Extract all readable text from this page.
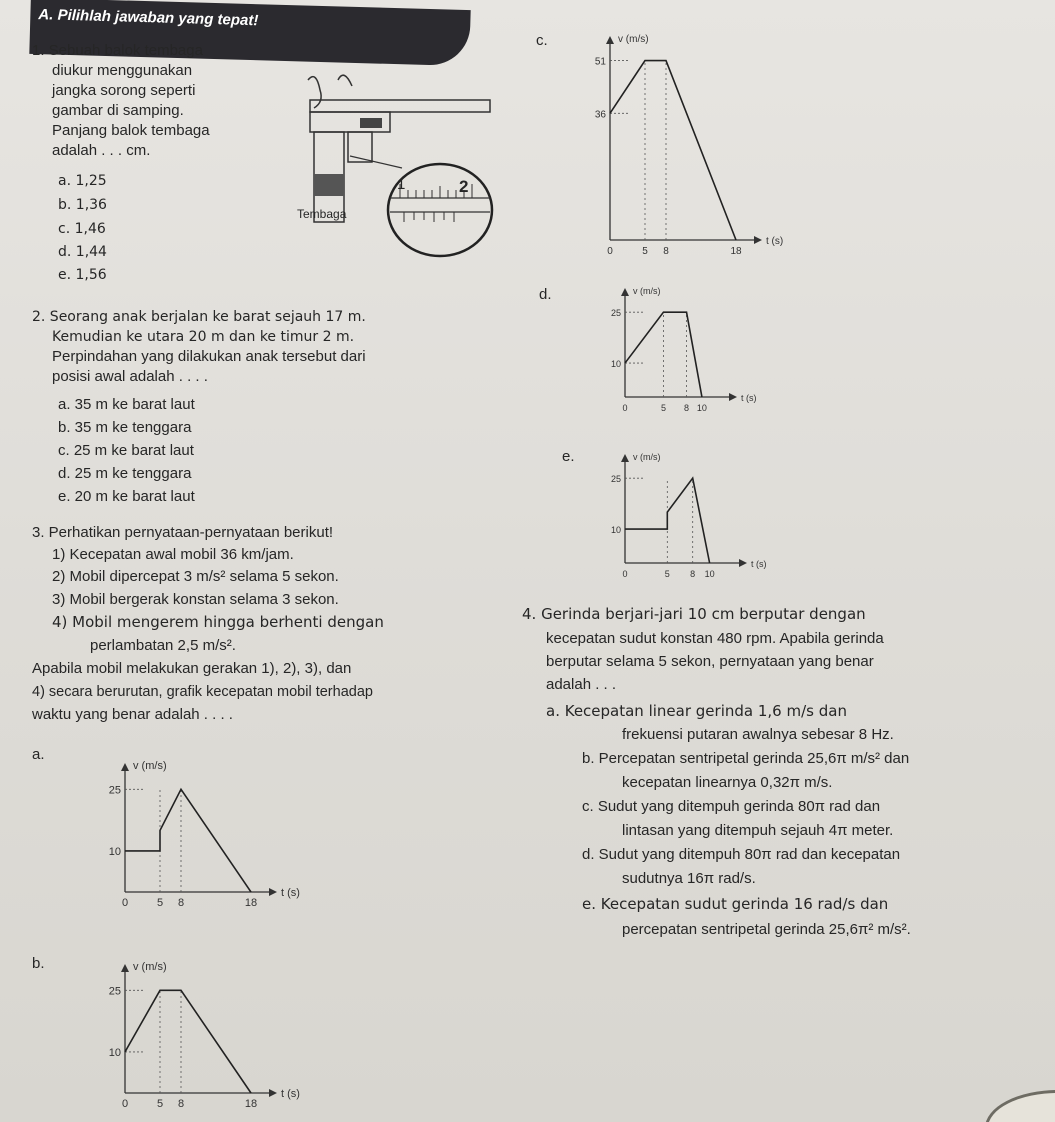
A. Pilihlah jawaban yang tepat!
1. Sebuah balok tembaga
diukur menggunakan
jangka sorong seperti
gambar di samping.
Panjang balok tembaga
adalah . . . cm.
a. 1,25
b. 1,36
c. 1,46
d. 1,44
e. 1,56
Tembaga
1	2
2. Seorang anak berjalan ke barat sejauh 17 m.
Kemudian ke utara 20 m dan ke timur 2 m.
Perpindahan yang dilakukan anak tersebut dari
posisi awal adalah . . . .
a. 35 m ke barat laut
b. 35 m ke tenggara
c. 25 m ke barat laut
d. 25 m ke tenggara
e. 20 m ke barat laut
3. Perhatikan pernyataan-pernyataan berikut!
1) Kecepatan awal mobil 36 km/jam.
2) Mobil dipercepat 3 m/s² selama 5 sekon.
3) Mobil bergerak konstan selama 3 sekon.
4) Mobil mengerem hingga berhenti dengan
perlambatan 2,5 m/s².
Apabila mobil melakukan gerakan 1), 2), 3), dan
4) secara berurutan, grafik kecepatan mobil terhadap
waktu yang benar adalah . . . .
4. Gerinda berjari-jari 10 cm berputar dengan
kecepatan sudut konstan 480 rpm. Apabila gerinda
berputar selama 5 sekon, pernyataan yang benar
adalah . . .
a. Kecepatan linear gerinda 1,6 m/s dan
frekuensi putaran awalnya sebesar 8 Hz.
b. Percepatan sentripetal gerinda 25,6π m/s² dan
kecepatan linearnya 0,32π m/s.
c. Sudut yang ditempuh gerinda 80π rad dan
lintasan yang ditempuh sejauh 4π meter.
d. Sudut yang ditempuh 80π rad dan kecepatan
sudutnya 16π rad/s.
e. Kecepatan sudut gerinda 16 rad/s dan
percepatan sentripetal gerinda 25,6π² m/s².
c.
d.
e.
a.
b.
v (m/s)
t (s)
51
36
0	5 8	18
v (m/s)
t (s)
25
10
0	5 8 10
v (m/s)
t (s)
25
10
0	5 8 10
v (m/s)
t (s)
25
10
0	5 8	18
v (m/s)
t (s)
25
10
0	5 8	18
